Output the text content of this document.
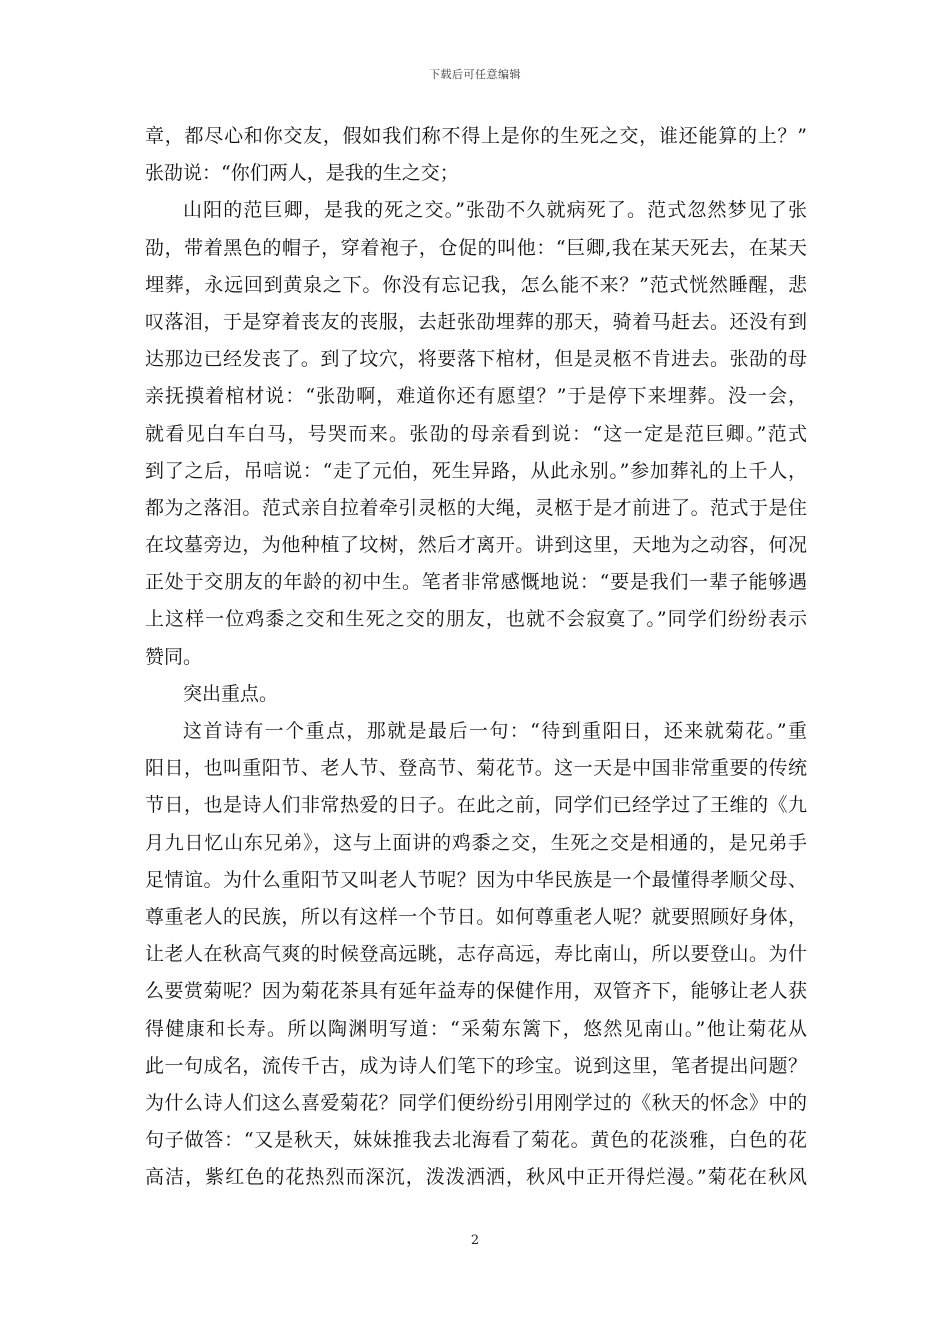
下载后可任意编辑
章，都尽心和你交友，假如我们称不得上是你的生死之交，谁还能算的上？”
张劭说：“你们两人，是我的生之交；
山阳的范巨卿，是我的死之交。”张劭不久就病死了。范式忽然梦见了张
劭，带着黑色的帽子，穿着袍子，仓促的叫他：“巨卿,我在某天死去，在某天
埋葬，永远回到黄泉之下。你没有忘记我，怎么能不来？”范式恍然睡醒，悲
叹落泪，于是穿着丧友的丧服，去赶张劭埋葬的那天，骑着马赶去。还没有到
达那边已经发丧了。到了坟穴，将要落下棺材，但是灵柩不肯进去。张劭的母
亲抚摸着棺材说：“张劭啊，难道你还有愿望？”于是停下来埋葬。没一会，
就看见白车白马，号哭而来。张劭的母亲看到说：“这一定是范巨卿。”范式
到了之后，吊唁说：“走了元伯，死生异路，从此永别。”参加葬礼的上千人，
都为之落泪。范式亲自拉着牵引灵柩的大绳，灵柩于是才前进了。范式于是住
在坟墓旁边，为他种植了坟树，然后才离开。讲到这里，天地为之动容，何况
正处于交朋友的年龄的初中生。笔者非常感慨地说：“要是我们一辈子能够遇
上这样一位鸡黍之交和生死之交的朋友，也就不会寂寞了。”同学们纷纷表示
赞同。
突出重点。
这首诗有一个重点，那就是最后一句：“待到重阳日，还来就菊花。”重
阳日，也叫重阳节、老人节、登高节、菊花节。这一天是中国非常重要的传统
节日，也是诗人们非常热爱的日子。在此之前，同学们已经学过了王维的《九
月九日忆山东兄弟》，这与上面讲的鸡黍之交，生死之交是相通的，是兄弟手
足情谊。为什么重阳节又叫老人节呢？因为中华民族是一个最懂得孝顺父母、
尊重老人的民族，所以有这样一个节日。如何尊重老人呢？就要照顾好身体，
让老人在秋高气爽的时候登高远眺，志存高远，寿比南山，所以要登山。为什
么要赏菊呢？因为菊花茶具有延年益寿的保健作用，双管齐下，能够让老人获
得健康和长寿。所以陶渊明写道：“采菊东篱下，悠然见南山。”他让菊花从
此一句成名，流传千古，成为诗人们笔下的珍宝。说到这里，笔者提出问题？
为什么诗人们这么喜爱菊花？同学们便纷纷引用刚学过的《秋天的怀念》中的
句子做答：“又是秋天，妹妹推我去北海看了菊花。黄色的花淡雅，白色的花
高洁，紫红色的花热烈而深沉，泼泼洒洒，秋风中正开得烂漫。”菊花在秋风
2
